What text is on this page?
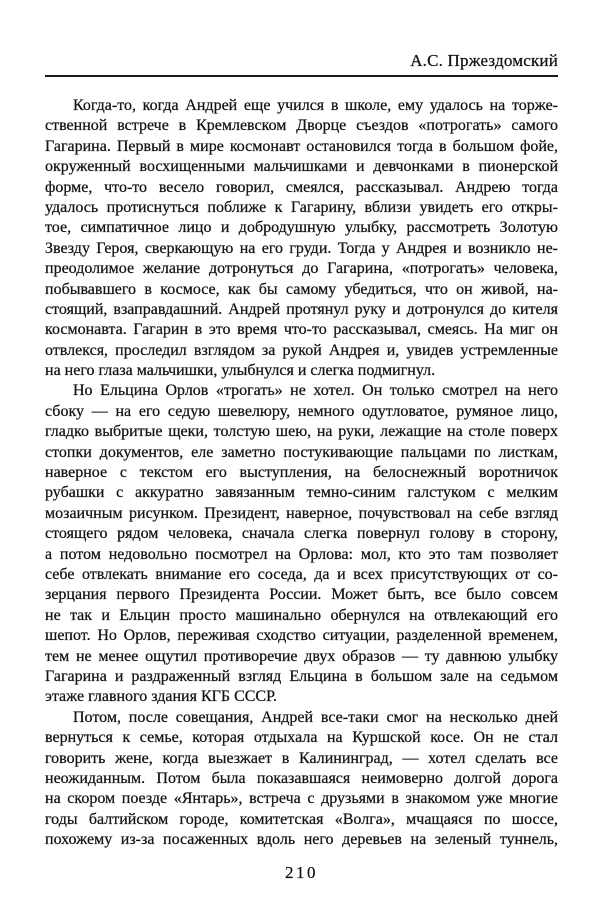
А.С. Пржездомский
Когда-то, когда Андрей еще учился в школе, ему удалось на торже-
ственной встрече в Кремлевском Дворце съездов «потрогать» самого
Гагарина. Первый в мире космонавт остановился тогда в большом фойе,
окруженный восхищенными мальчишками и девчонками в пионерской
форме, что-то весело говорил, смеялся, рассказывал. Андрею тогда
удалось протиснуться поближе к Гагарину, вблизи увидеть его откры-
тое, симпатичное лицо и добродушную улыбку, рассмотреть Золотую
Звезду Героя, сверкающую на его груди. Тогда у Андрея и возникло не-
преодолимое желание дотронуться до Гагарина, «потрогать» человека,
побывавшего в космосе, как бы самому убедиться, что он живой, на-
стоящий, взаправдашний. Андрей протянул руку и дотронулся до кителя
космонавта. Гагарин в это время что-то рассказывал, смеясь. На миг он
отвлекся, проследил взглядом за рукой Андрея и, увидев устремленные
на него глаза мальчишки, улыбнулся и слегка подмигнул.
Но Ельцина Орлов «трогать» не хотел. Он только смотрел на него
сбоку — на его седую шевелюру, немного одутловатое, румяное лицо,
гладко выбритые щеки, толстую шею, на руки, лежащие на столе поверх
стопки документов, еле заметно постукивающие пальцами по листкам,
наверное с текстом его выступления, на белоснежный воротничок
рубашки с аккуратно завязанным темно-синим галстуком с мелким
мозаичным рисунком. Президент, наверное, почувствовал на себе взгляд
стоящего рядом человека, сначала слегка повернул голову в сторону,
а потом недовольно посмотрел на Орлова: мол, кто это там позволяет
себе отвлекать внимание его соседа, да и всех присутствующих от со-
зерцания первого Президента России. Может быть, все было совсем
не так и Ельцин просто машинально обернулся на отвлекающий его
шепот. Но Орлов, переживая сходство ситуации, разделенной временем,
тем не менее ощутил противоречие двух образов — ту давнюю улыбку
Гагарина и раздраженный взгляд Ельцина в большом зале на седьмом
этаже главного здания КГБ СССР.
Потом, после совещания, Андрей все-таки смог на несколько дней
вернуться к семье, которая отдыхала на Куршской косе. Он не стал
говорить жене, когда выезжает в Калининград, — хотел сделать все
неожиданным. Потом была показавшаяся неимоверно долгой дорога
на скором поезде «Янтарь», встреча с друзьями в знакомом уже многие
годы балтийском городе, комитетская «Волга», мчащаяся по шоссе,
похожему из-за посаженных вдоль него деревьев на зеленый туннель,
210
